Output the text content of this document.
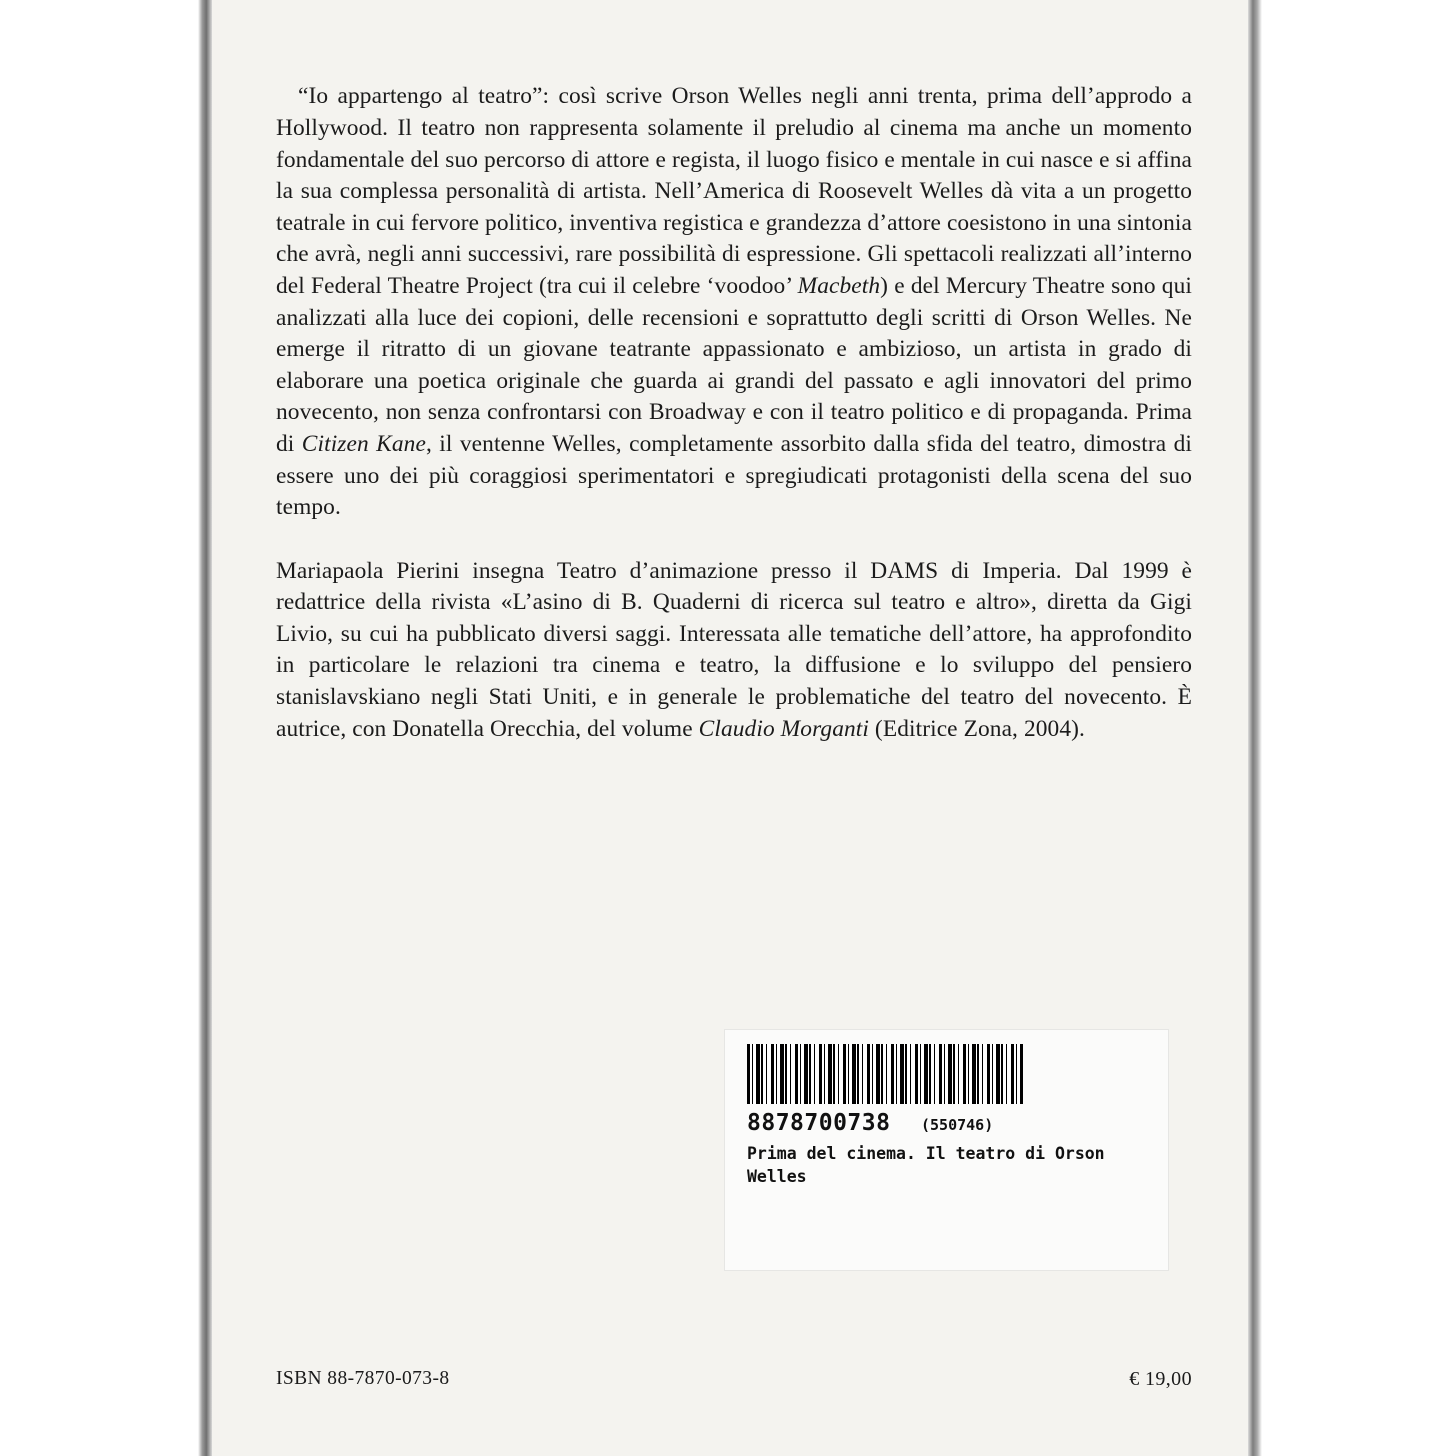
“Io appartengo al teatro”: così scrive Orson Welles negli anni trenta, prima dell’approdo a Hollywood. Il teatro non rappresenta solamente il preludio al cinema ma anche un momento fondamentale del suo percorso di attore e regista, il luogo fisico e mentale in cui nasce e si affina la sua complessa personalità di artista. Nell’America di Roosevelt Welles dà vita a un progetto teatrale in cui fervore politico, inventiva registica e grandezza d’attore coesistono in una sintonia che avrà, negli anni successivi, rare possibilità di espressione. Gli spettacoli realizzati all’interno del Federal Theatre Project (tra cui il celebre ‘voodoo’ Macbeth) e del Mercury Theatre sono qui analizzati alla luce dei copioni, delle recensioni e soprattutto degli scritti di Orson Welles. Ne emerge il ritratto di un giovane teatrante appassionato e ambizioso, un artista in grado di elaborare una poetica originale che guarda ai grandi del passato e agli innovatori del primo novecento, non senza confrontarsi con Broadway e con il teatro politico e di propaganda. Prima di Citizen Kane, il ventenne Welles, completamente assorbito dalla sfida del teatro, dimostra di essere uno dei più coraggiosi sperimentatori e spregiudicati protagonisti della scena del suo tempo.

Mariapaola Pierini insegna Teatro d’animazione presso il DAMS di Imperia. Dal 1999 è redattrice della rivista «L’asino di B. Quaderni di ricerca sul teatro e altro», diretta da Gigi Livio, su cui ha pubblicato diversi saggi. Interessata alle tematiche dell’attore, ha approfondito in particolare le relazioni tra cinema e teatro, la diffusione e lo sviluppo del pensiero stanislavskiano negli Stati Uniti, e in generale le problematiche del teatro del novecento. È autrice, con Donatella Orecchia, del volume Claudio Morganti (Editrice Zona, 2004).

8878700738 (550746)
Prima del cinema. Il teatro di Orson Welles
ISBN 88-7870-073-8	€ 19,00
